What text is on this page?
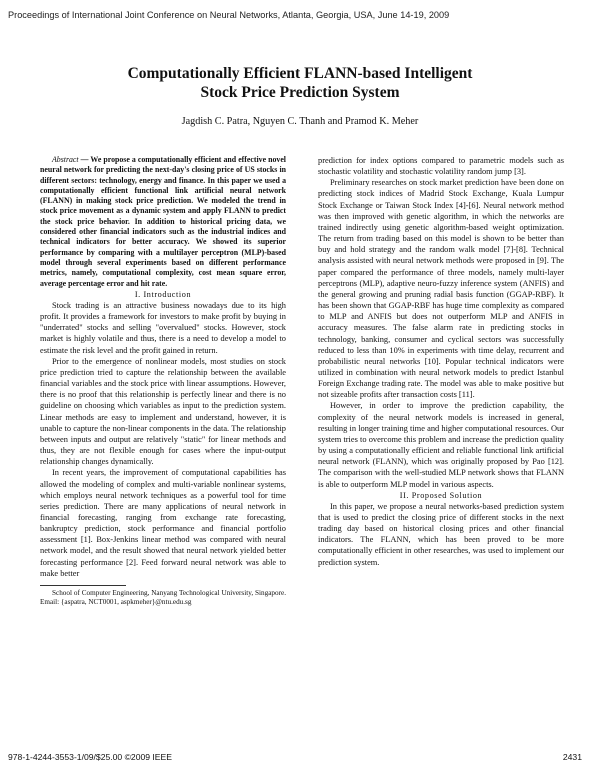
Proceedings of International Joint Conference on Neural Networks, Atlanta, Georgia, USA, June 14-19, 2009
Computationally Efficient FLANN-based Intelligent
Stock Price Prediction System
Jagdish C. Patra, Nguyen C. Thanh and Pramod K. Meher

Abstract — We propose a computationally efficient and effective novel neural network for predicting the next-day's closing price of US stocks in different sectors: technology, energy and finance. In this paper we used a computationally efficient functional link artificial neural network (FLANN) in making stock price prediction. We modeled the trend in stock price movement as a dynamic system and apply FLANN to predict the stock price behavior. In addition to historical pricing data, we considered other financial indicators such as the industrial indices and technical indicators for better accuracy. We showed its superior performance by comparing with a multilayer perceptron (MLP)-based model through several experiments based on different performance metrics, namely, computational complexity, cost mean square error, average percentage error and hit rate.

I. Introduction

Stock trading is an attractive business nowadays due to its high profit. It provides a framework for investors to make profit by buying in "underrated" stocks and selling "overvalued" stocks. However, stock market is highly volatile and thus, there is a need to develop a model to estimate the risk level and the profit gained in return.

Prior to the emergence of nonlinear models, most studies on stock price prediction tried to capture the relationship between the available financial variables and the stock price with linear assumptions. However, there is no proof that this relationship is perfectly linear and there is no guideline on choosing which variables as input to the prediction system. Linear methods are easy to implement and understand, however, it is unable to capture the non-linear components in the data. The relationship between inputs and output are relatively "static" for linear methods and thus, they are not flexible enough for cases where the input-output relationship changes dynamically.

In recent years, the improvement of computational capabilities has allowed the modeling of complex and multi-variable nonlinear systems, which employs neural network techniques as a powerful tool for time series prediction. There are many applications of neural network in financial forecasting, ranging from exchange rate forecasting, bankruptcy prediction, stock performance and financial portfolio assessment [1]. Box-Jenkins linear method was compared with neural network model, and the result showed that neural network yielded better forecasting performance [2]. Feed forward neural network was able to make better

School of Computer Engineering, Nanyang Technological University, Singapore. Email: {aspatra, NCT0001, aspkmeher}@ntu.edu.sg

prediction for index options compared to parametric models such as stochastic volatility and stochastic volatility random jump [3].

Preliminary researches on stock market prediction have been done on predicting stock indices of Madrid Stock Exchange, Kuala Lumpur Stock Exchange or Taiwan Stock Index [4]-[6]. Neural network method was then improved with genetic algorithm, in which the networks are trained indirectly using genetic algorithm-based weight optimization. The return from trading based on this model is shown to be better than buy and hold strategy and the random walk model [7]-[8]. Technical analysis assisted with neural network methods were proposed in [9]. The paper compared the performance of three models, namely multi-layer perceptrons (MLP), adaptive neuro-fuzzy inference system (ANFIS) and the general growing and pruning radial basis function (GGAP-RBF). It has been shown that GGAP-RBF has huge time complexity as compared to MLP and ANFIS but does not outperform MLP and ANFIS in accuracy measures. The false alarm rate in predicting stocks in technology, banking, consumer and cyclical sectors was successfully reduced to less than 10% in experiments with time delay, recurrent and probabilistic neural networks [10]. Popular technical indicators were utilized in combination with neural network models to predict Istanbul Foreign Exchange trading rate. The model was able to make positive but not sizeable profits after transaction costs [11].

However, in order to improve the prediction capability, the complexity of the neural network models is increased in general, resulting in longer training time and higher computational resources. Our system tries to overcome this problem and increase the prediction quality by using a computationally efficient and reliable functional link artificial neural network (FLANN), which was originally proposed by Pao [12]. The comparison with the well-studied MLP network shows that FLANN is able to outperform MLP model in various aspects.

II. Proposed Solution

In this paper, we propose a neural networks-based prediction system that is used to predict the closing price of different stocks in the next trading day based on historical closing prices and other financial indicators. The FLANN, which has been proved to be more computationally efficient in other researches, was used to implement our prediction system.

978-1-4244-3553-1/09/$25.00 ©2009 IEEE	2431
